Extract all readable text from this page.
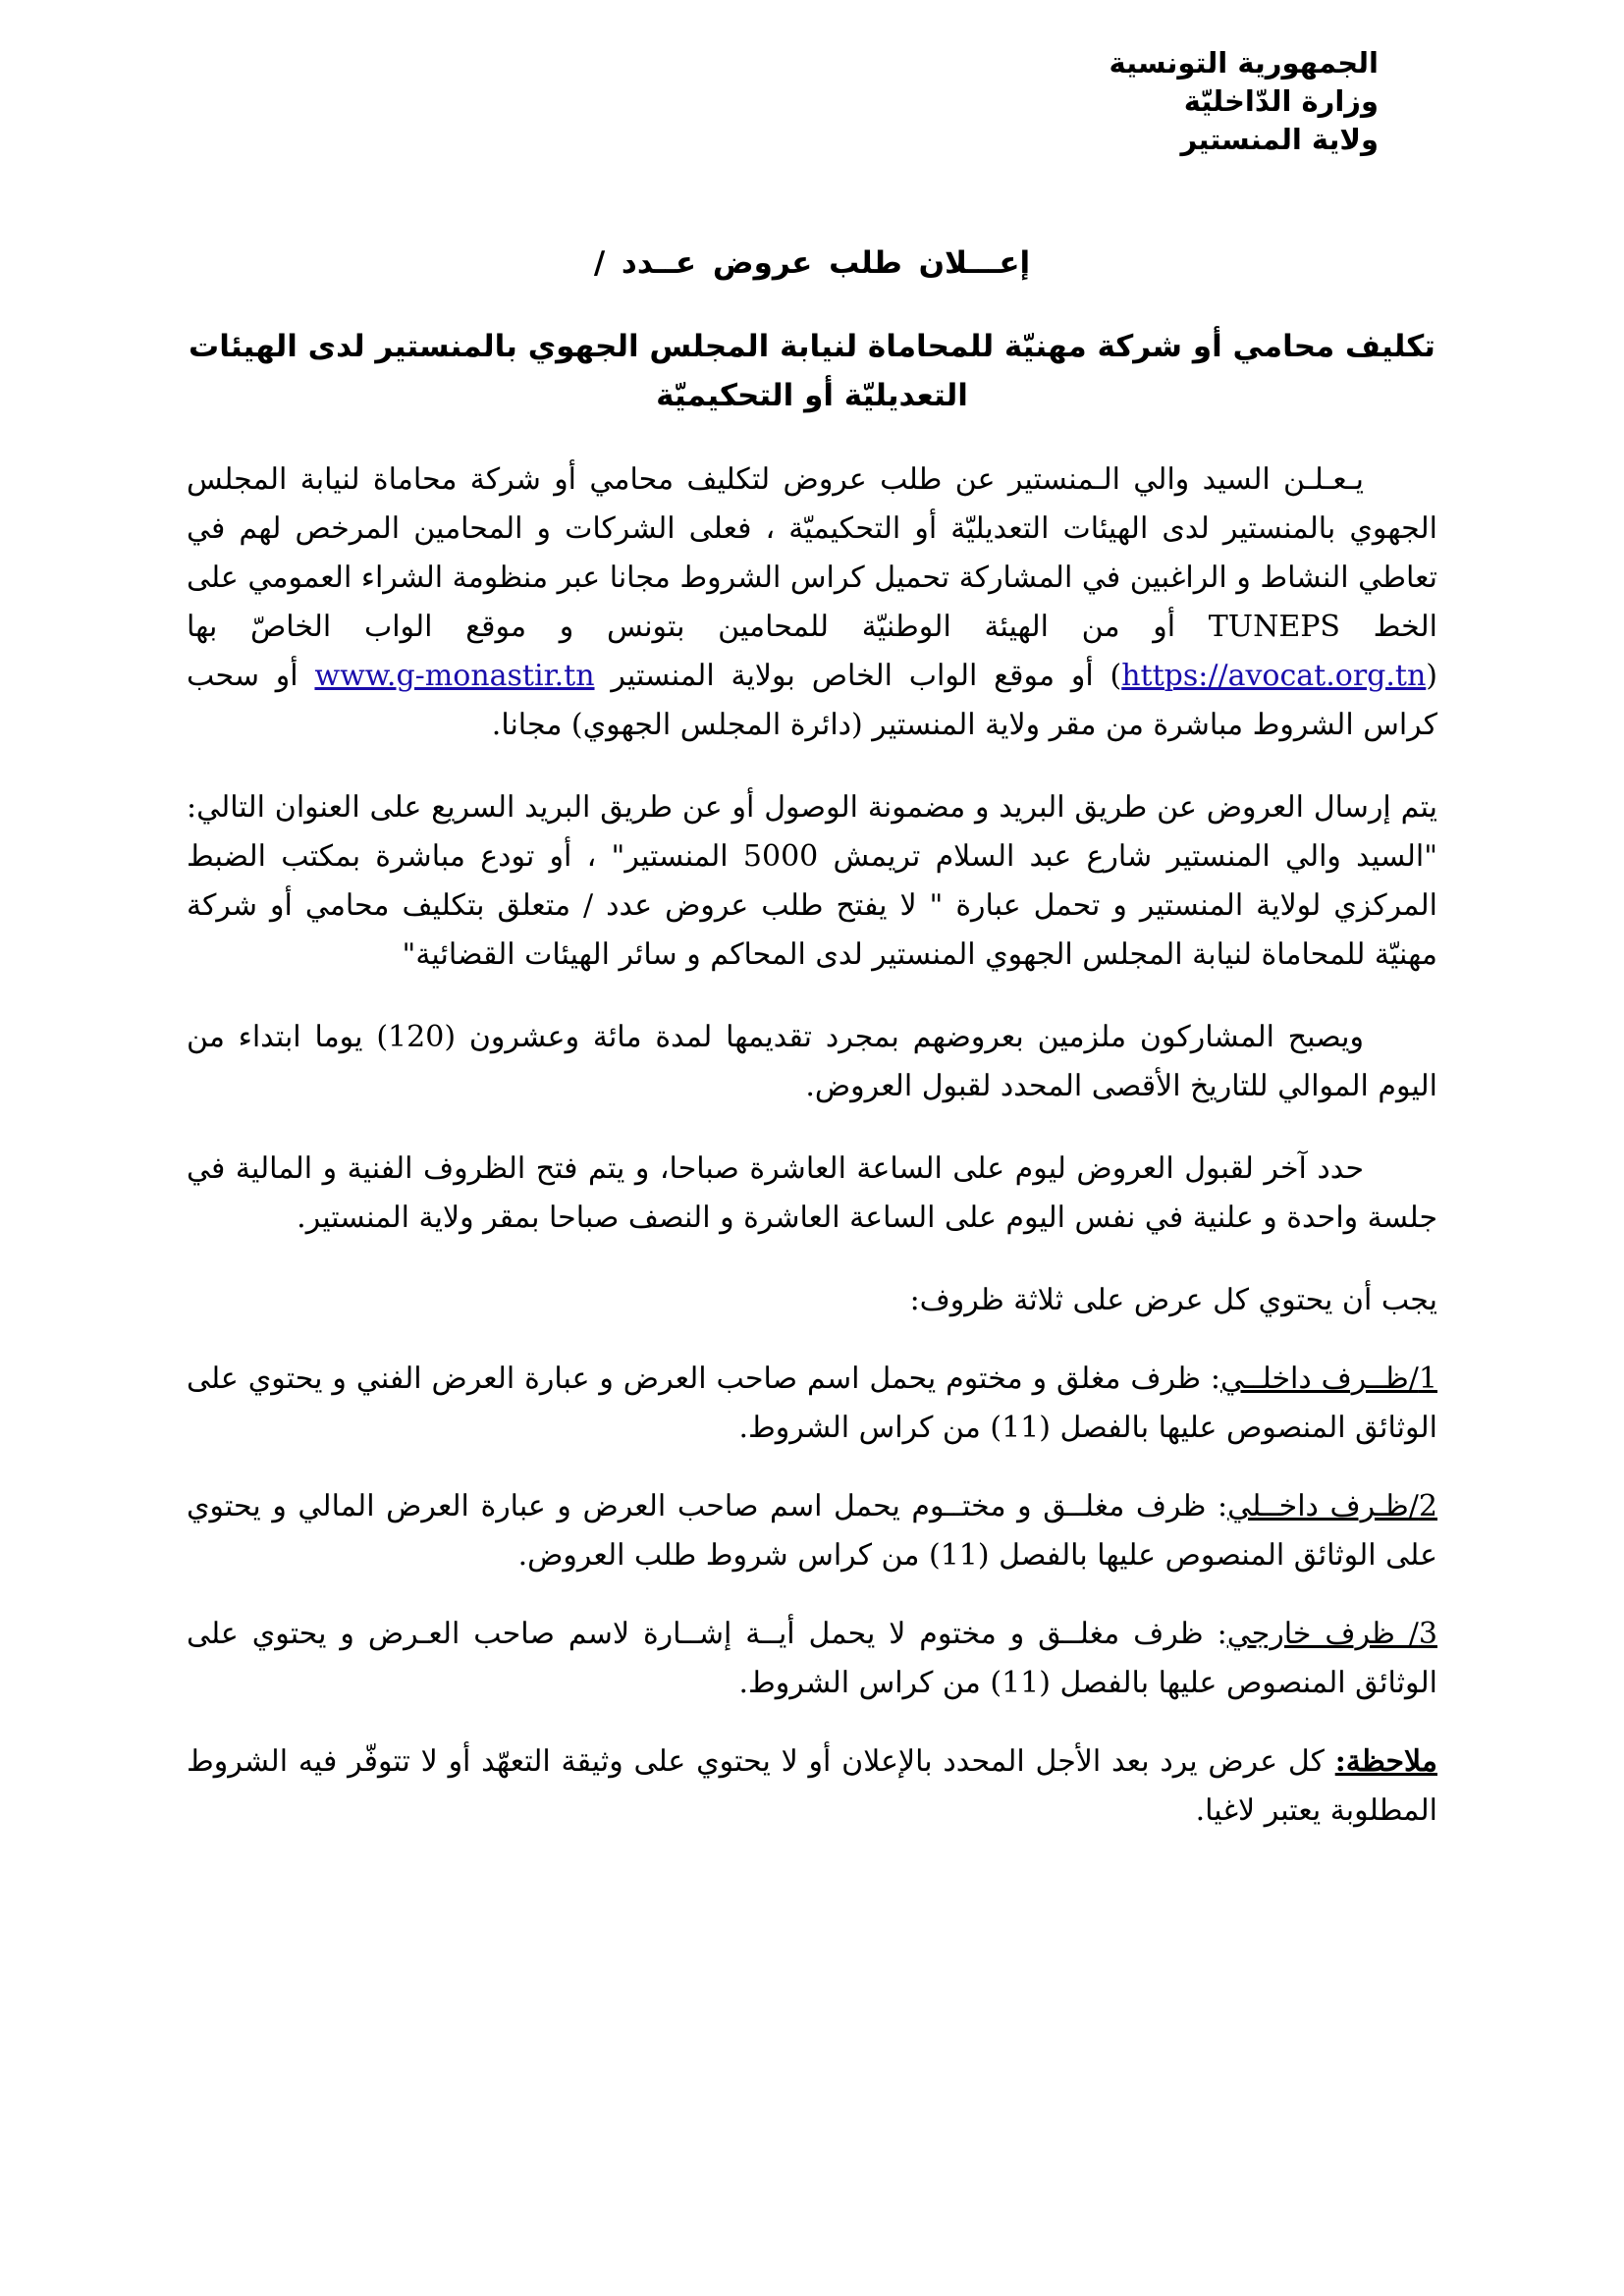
الجمهورية التونسية
وزارة الدّاخليّة
ولاية المنستير
إعـــلان طلب عروض عــدد /
تكليف محامي أو شركة مهنيّة للمحاماة لنيابة المجلس الجهوي بالمنستير لدى الهيئات التعديليّة أو التحكيميّة

يـعـلـن السيد والي الـمنستير عن طلب عروض لتكليف محامي أو شركة محاماة لنيابة المجلس الجهوي بالمنستير لدى الهيئات التعديليّة أو التحكيميّة ، فعلى الشركات و المحامين المرخص لهم في تعاطي النشاط و الراغبين في المشاركة تحميل كراس الشروط مجانا عبر منظومة الشراء العمومي على الخط TUNEPS أو من الهيئة الوطنيّة للمحامين بتونس و موقع الواب الخاصّ بها (https://avocat.org.tn) أو موقع الواب الخاص بولاية المنستير www.g-monastir.tn أو سحب كراس الشروط مباشرة من مقر ولاية المنستير (دائرة المجلس الجهوي) مجانا.

يتم إرسال العروض عن طريق البريد و مضمونة الوصول أو عن طريق البريد السريع على العنوان التالي: "السيد والي المنستير شارع عبد السلام تريمش 5000 المنستير" ، أو تودع مباشرة بمكتب الضبط المركزي لولاية المنستير و تحمل عبارة " لا يفتح طلب عروض عدد / متعلق بتكليف محامي أو شركة مهنيّة للمحاماة لنيابة المجلس الجهوي المنستير لدى المحاكم و سائر الهيئات القضائية"

ويصبح المشاركون ملزمين بعروضهم بمجرد تقديمها لمدة مائة وعشرون (120) يوما ابتداء من اليوم الموالي للتاريخ الأقصى المحدد لقبول العروض.

حدد آخر لقبول العروض ليوم على الساعة العاشرة صباحا، و يتم فتح الظروف الفنية و المالية في جلسة واحدة و علنية في نفس اليوم على الساعة العاشرة و النصف صباحا بمقر ولاية المنستير.

يجب أن يحتوي كل عرض على ثلاثة ظروف:

1/ظــرف داخلــي: ظرف مغلق و مختوم يحمل اسم صاحب العرض و عبارة العرض الفني و يحتوي على الوثائق المنصوص عليها بالفصل (11) من كراس الشروط.

2/ظـرف داخــلي: ظرف مغلــق و مختــوم يحمل اسم صاحب العرض و عبارة العرض المالي و يحتوي على الوثائق المنصوص عليها بالفصل (11) من كراس شروط طلب العروض.

3/ ظرف خارجي: ظرف مغلــق و مختوم لا يحمل أيــة إشــارة لاسم صاحب العـرض و يحتوي على الوثائق المنصوص عليها بالفصل (11) من كراس الشروط.

ملاحظة: كل عرض يرد بعد الأجل المحدد بالإعلان أو لا يحتوي على وثيقة التعهّد أو لا تتوفّر فيه الشروط المطلوبة يعتبر لاغيا.
